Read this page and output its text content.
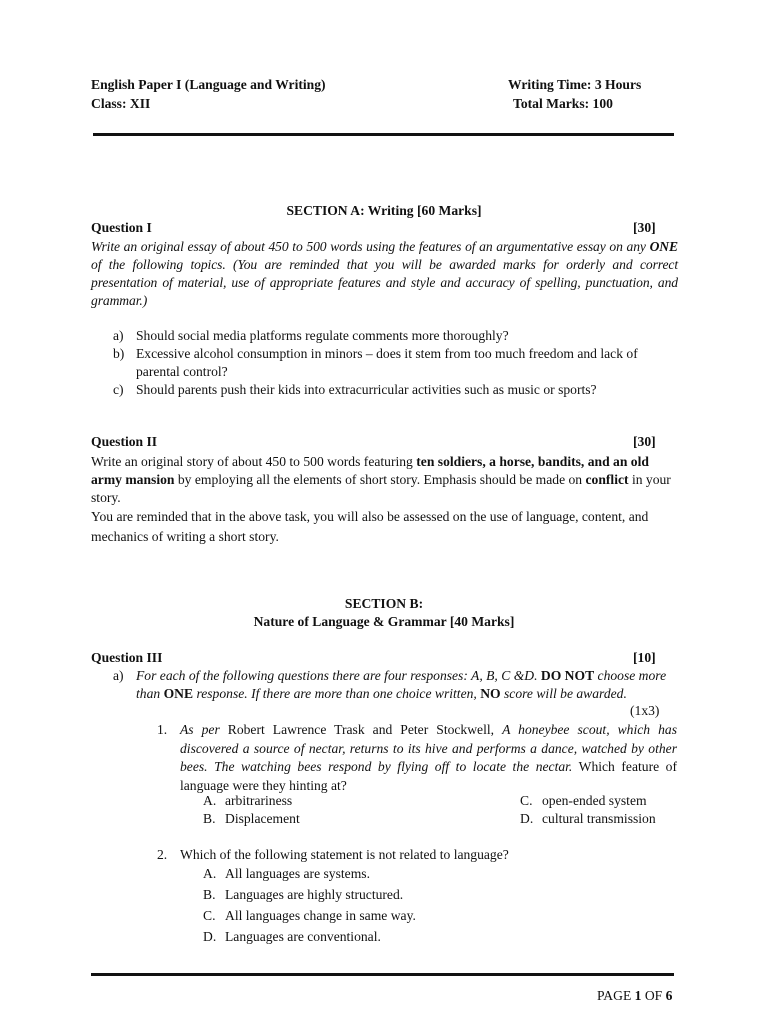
English Paper I (Language and Writing)
Class: XII
Writing Time: 3 Hours
Total Marks: 100
SECTION A: Writing [60 Marks]
Question I	[30]
Write an original essay of about 450 to 500 words using the features of an argumentative essay on any ONE of the following topics. (You are reminded that you will be awarded marks for orderly and correct presentation of material, use of appropriate features and style and accuracy of spelling, punctuation, and grammar.)
a) Should social media platforms regulate comments more thoroughly?
b) Excessive alcohol consumption in minors – does it stem from too much freedom and lack of parental control?
c) Should parents push their kids into extracurricular activities such as music or sports?
Question II	[30]
Write an original story of about 450 to 500 words featuring ten soldiers, a horse, bandits, and an old army mansion by employing all the elements of short story. Emphasis should be made on conflict in your story.
You are reminded that in the above task, you will also be assessed on the use of language, content, and mechanics of writing a short story.
SECTION B:
Nature of Language & Grammar [40 Marks]
Question III	[10]
a) For each of the following questions there are four responses: A, B, C &D. DO NOT choose more than ONE response. If there are more than one choice written, NO score will be awarded.
(1x3)
1. As per Robert Lawrence Trask and Peter Stockwell, A honeybee scout, which has discovered a source of nectar, returns to its hive and performs a dance, watched by other bees. The watching bees respond by flying off to locate the nectar. Which feature of language were they hinting at?
A. arbitrariness
B. Displacement
C. open-ended system
D. cultural transmission
2. Which of the following statement is not related to language?
A. All languages are systems.
B. Languages are highly structured.
C. All languages change in same way.
D. Languages are conventional.
PAGE 1 OF 6
